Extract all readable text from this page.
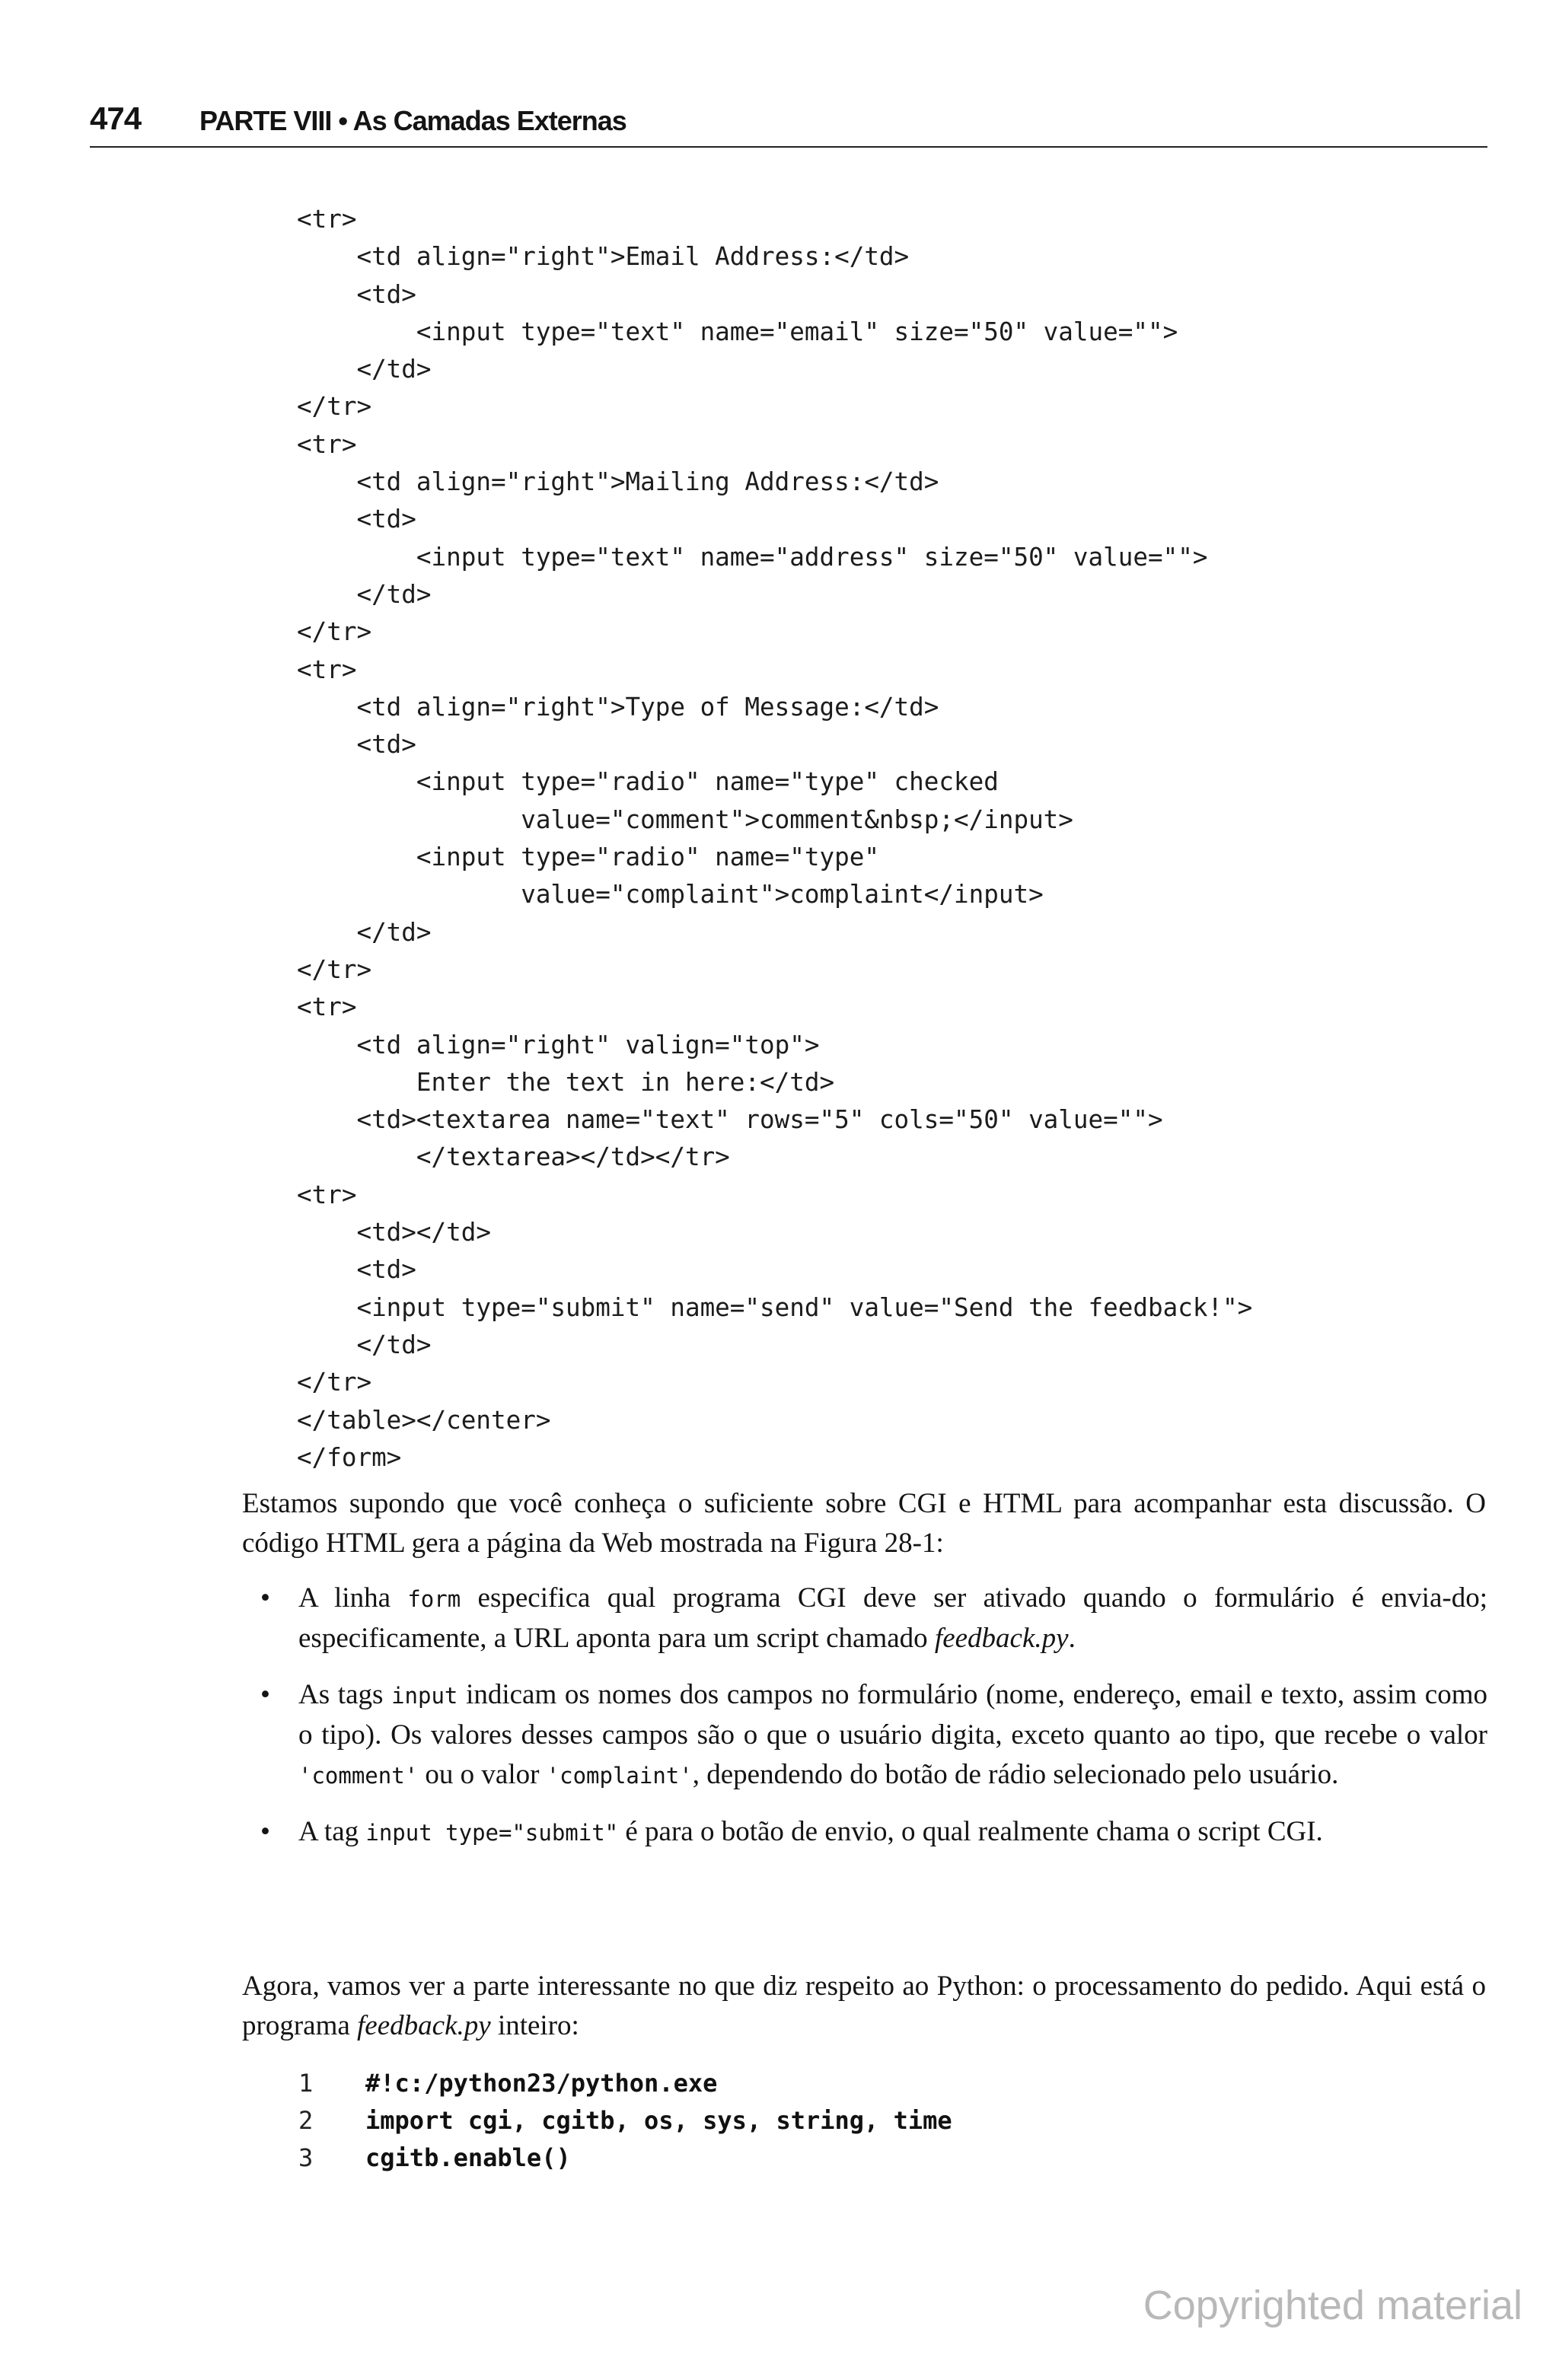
474 PARTE VIII • As Camadas Externas
<tr>
<td align="right">Email Address:</td>
<td>
<input type="text" name="email" size="50" value="">
</td>
</tr>
<tr>
<td align="right">Mailing Address:</td>
<td>
<input type="text" name="address" size="50" value="">
</td>
</tr>
<tr>
<td align="right">Type of Message:</td>
<td>
<input type="radio" name="type" checked
value="comment">comment&nbsp;</input>
<input type="radio" name="type"
value="complaint">complaint</input>
</td>
</tr>
<tr>
<td align="right" valign="top">
Enter the text in here:</td>
<td><textarea name="text" rows="5" cols="50" value="">
</textarea></td></tr>
<tr>
<td></td>
<td>
<input type="submit" name="send" value="Send the feedback!">
</td>
</tr>
</table></center>
</form>
Estamos supondo que você conheça o suficiente sobre CGI e HTML para acompanhar esta discussão. O código HTML gera a página da Web mostrada na Figura 28-1:
• A linha form especifica qual programa CGI deve ser ativado quando o formulário é envia-do; especificamente, a URL aponta para um script chamado feedback.py.
• As tags input indicam os nomes dos campos no formulário (nome, endereço, email e texto, assim como o tipo). Os valores desses campos são o que o usuário digita, exceto quanto ao tipo, que recebe o valor 'comment' ou o valor 'complaint', dependendo do botão de rádio selecionado pelo usuário.
• A tag input type="submit" é para o botão de envio, o qual realmente chama o script CGI.
Agora, vamos ver a parte interessante no que diz respeito ao Python: o processamento do pedido. Aqui está o programa feedback.py inteiro:
1	#!c:/python23/python.exe
2	import cgi, cgitb, os, sys, string, time
3	cgitb.enable()
Copyrighted material
